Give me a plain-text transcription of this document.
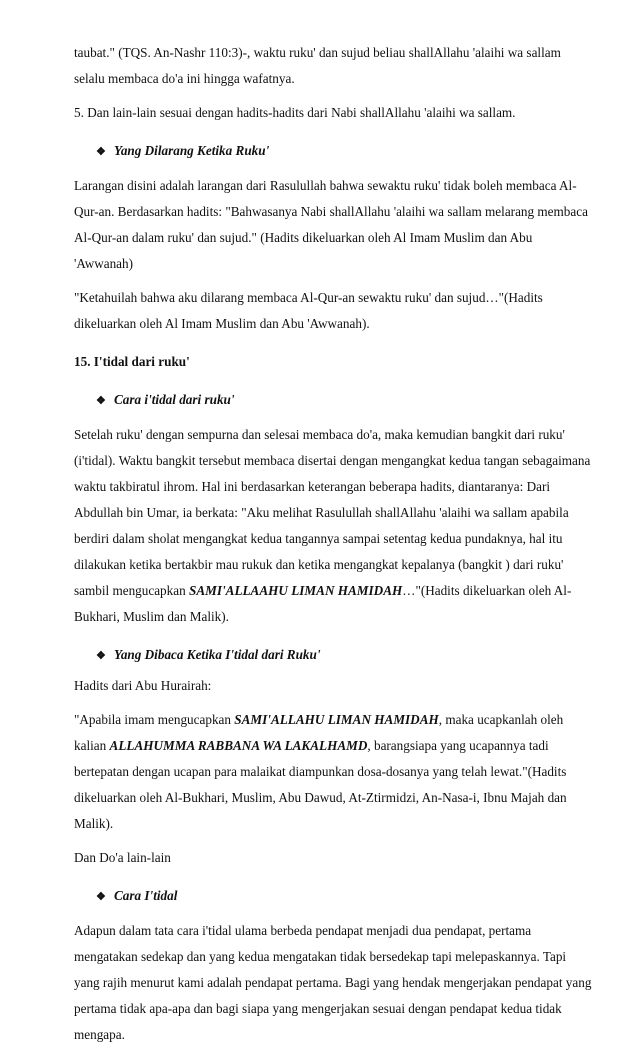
taubat." (TQS. An-Nashr 110:3)-, waktu ruku' dan sujud beliau shallAllahu 'alaihi wa sallam selalu membaca do'a ini hingga wafatnya.

5. Dan lain-lain sesuai dengan hadits-hadits dari Nabi shallAllahu 'alaihi wa sallam.

❖ Yang Dilarang Ketika Ruku'

Larangan disini adalah larangan dari Rasulullah bahwa sewaktu ruku' tidak boleh membaca Al-Qur-an. Berdasarkan hadits: "Bahwasanya Nabi shallAllahu 'alaihi wa sallam melarang membaca Al-Qur-an dalam ruku' dan sujud." (Hadits dikeluarkan oleh Al Imam Muslim dan Abu 'Awwanah)

"Ketahuilah bahwa aku dilarang membaca Al-Qur-an sewaktu ruku' dan sujud…"(Hadits dikeluarkan oleh Al Imam Muslim dan Abu 'Awwanah).

15. I'tidal dari ruku'
❖ Cara i'tidal dari ruku'

Setelah ruku' dengan sempurna dan selesai membaca do'a, maka kemudian bangkit dari ruku' (i'tidal). Waktu bangkit tersebut membaca disertai dengan mengangkat kedua tangan sebagaimana waktu takbiratul ihrom. Hal ini berdasarkan keterangan beberapa hadits, diantaranya: Dari Abdullah bin Umar, ia berkata: "Aku melihat Rasulullah shallAllahu 'alaihi wa sallam apabila berdiri dalam sholat mengangkat kedua tangannya sampai setentag kedua pundaknya, hal itu dilakukan ketika bertakbir mau rukuk dan ketika mengangkat kepalanya (bangkit ) dari ruku' sambil mengucapkan SAMI'ALLAAHU LIMAN HAMIDAH…"(Hadits dikeluarkan oleh Al-Bukhari, Muslim dan Malik).

❖ Yang Dibaca Ketika I'tidal dari Ruku'

Hadits dari Abu Hurairah:

"Apabila imam mengucapkan SAMI'ALLAHU LIMAN HAMIDAH, maka ucapkanlah oleh kalian ALLAHUMMA RABBANA WA LAKALHAMD, barangsiapa yang ucapannya tadi bertepatan dengan ucapan para malaikat diampunkan dosa-dosanya yang telah lewat."(Hadits dikeluarkan oleh Al-Bukhari, Muslim, Abu Dawud, At-Ztirmidzi, An-Nasa-i, Ibnu Majah dan Malik).

Dan Do'a lain-lain

❖ Cara I'tidal

Adapun dalam tata cara i'tidal ulama berbeda pendapat menjadi dua pendapat, pertama mengatakan sedekap dan yang kedua mengatakan tidak bersedekap tapi melepaskannya. Tapi yang rajih menurut kami adalah pendapat pertama. Bagi yang hendak mengerjakan pendapat yang pertama tidak apa-apa dan bagi siapa yang mengerjakan sesuai dengan pendapat kedua tidak mengapa.
